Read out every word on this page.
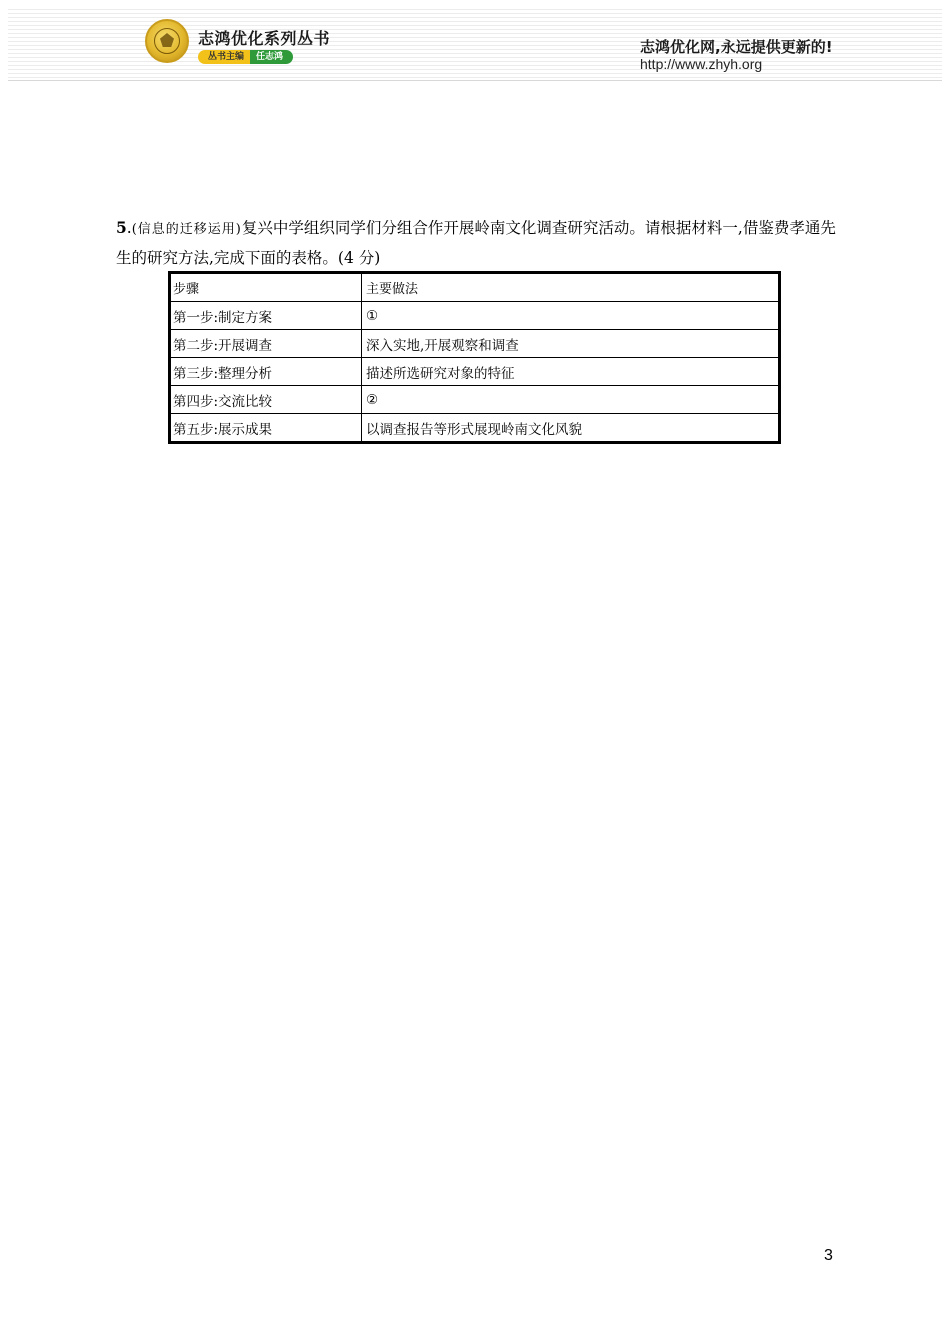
志鸿优化系列丛书
丛书主编	任志鸿
志鸿优化网,永远提供更新的!
http://www.zhyh.org
5.(信息的迁移运用)复兴中学组织同学们分组合作开展岭南文化调查研究活动。请根据材料一,借鉴费孝通先生的研究方法,完成下面的表格。(4 分)
步骤	主要做法
第一步:制定方案	①
第二步:开展调查	深入实地,开展观察和调查
第三步:整理分析	描述所选研究对象的特征
第四步:交流比较	②
第五步:展示成果	以调查报告等形式展现岭南文化风貌
3
